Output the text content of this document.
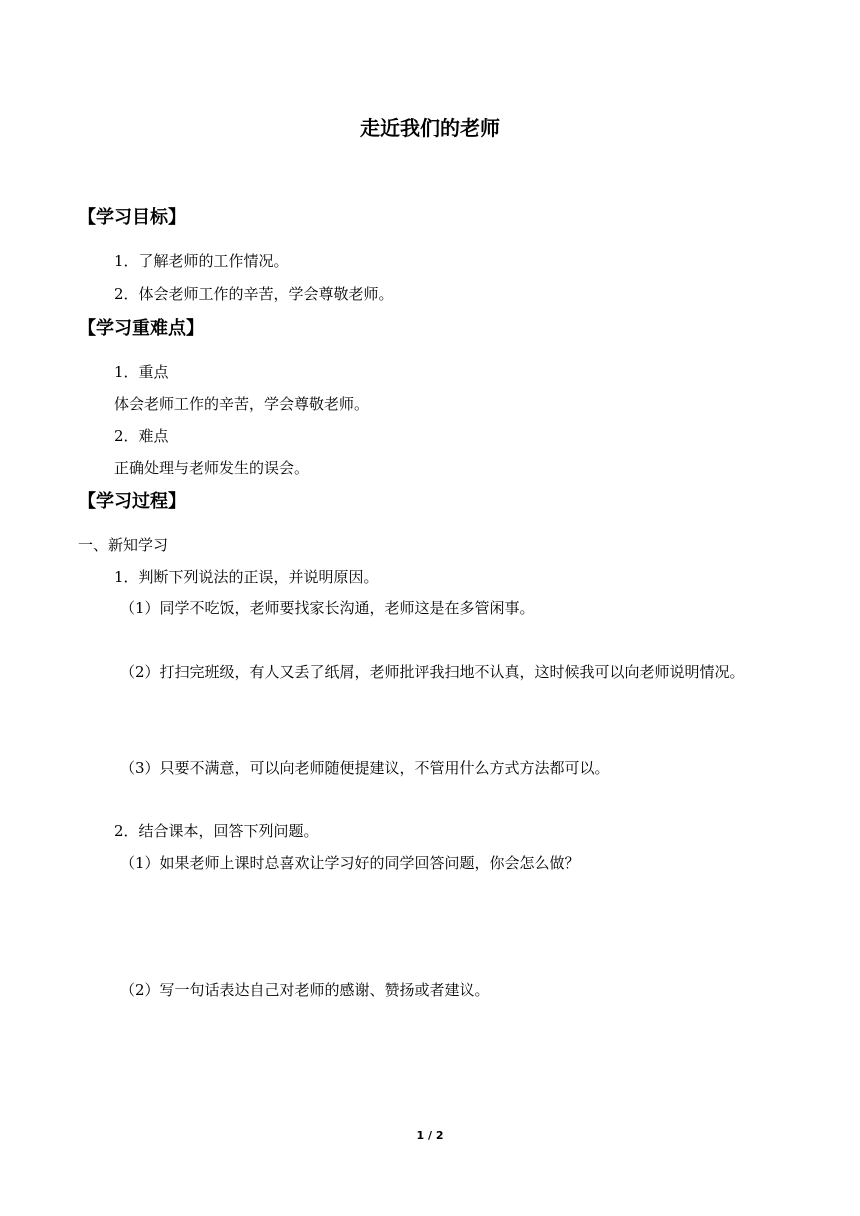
走近我们的老师
【学习目标】
1．了解老师的工作情况。
2．体会老师工作的辛苦，学会尊敬老师。
【学习重难点】
1．重点
体会老师工作的辛苦，学会尊敬老师。
2．难点
正确处理与老师发生的误会。
【学习过程】
一、新知学习
1．判断下列说法的正误，并说明原因。
（1）同学不吃饭，老师要找家长沟通，老师这是在多管闲事。
（2）打扫完班级，有人又丢了纸屑，老师批评我扫地不认真，这时候我可以向老师说明情况。
（3）只要不满意，可以向老师随便提建议，不管用什么方式方法都可以。
2．结合课本，回答下列问题。
（1）如果老师上课时总喜欢让学习好的同学回答问题，你会怎么做？
（2）写一句话表达自己对老师的感谢、赞扬或者建议。
1 / 2
